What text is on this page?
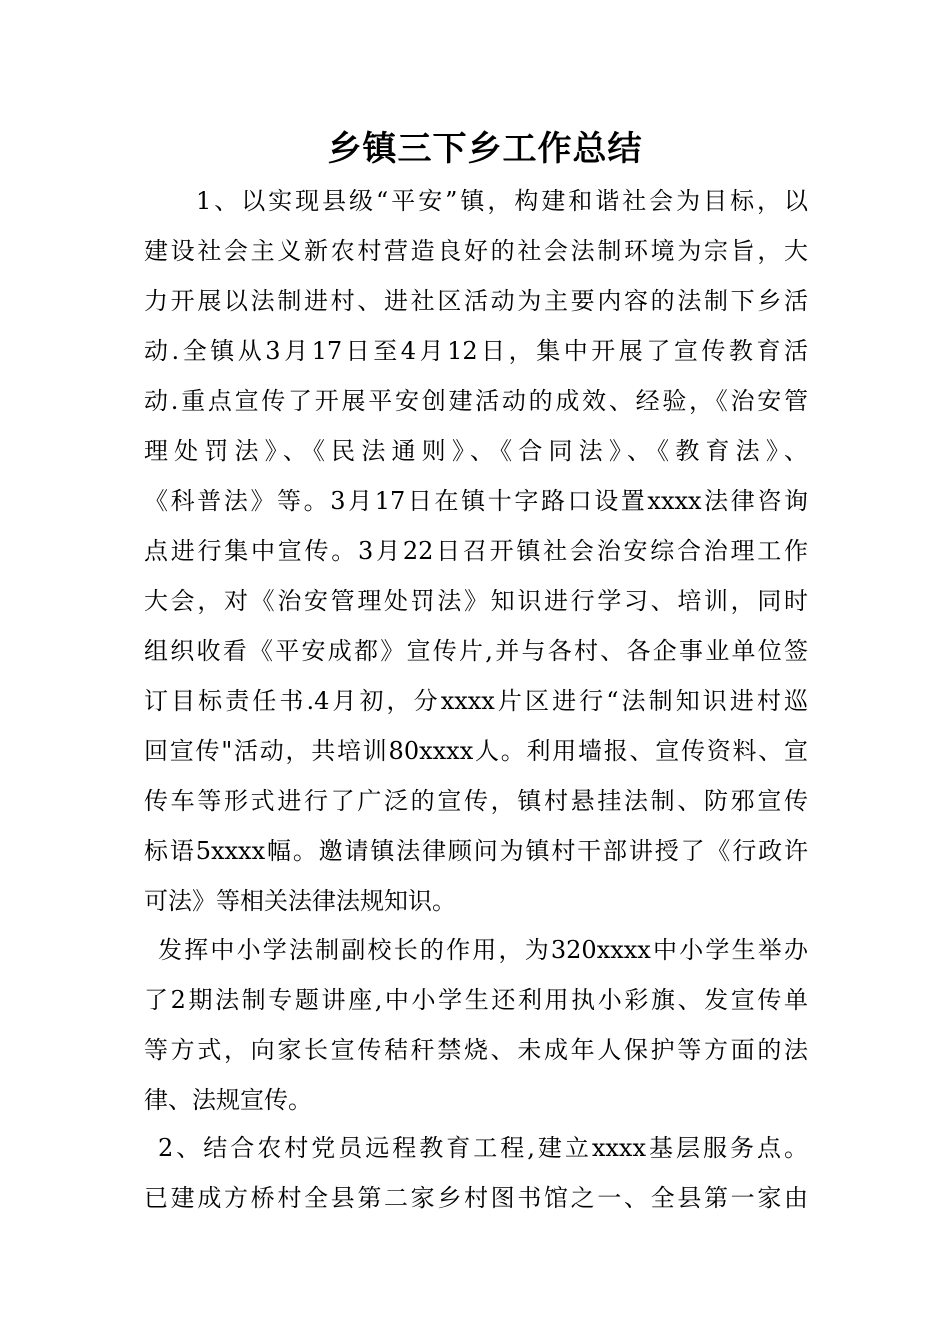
乡镇三下乡工作总结
1、以实现县级“平安”镇，构建和谐社会为目标，以
建设社会主义新农村营造良好的社会法制环境为宗旨，大
力开展以法制进村、进社区活动为主要内容的法制下乡活
动.全镇从3月17日至4月12日，集中开展了宣传教育活
动.重点宣传了开展平安创建活动的成效、经验，《治安管
理处罚法》、《民法通则》、《合同法》、《教育法》、
《科普法》等。3月17日在镇十字路口设置xxxx法律咨询
点进行集中宣传。3月22日召开镇社会治安综合治理工作
大会，对《治安管理处罚法》知识进行学习、培训，同时
组织收看《平安成都》宣传片,并与各村、各企事业单位签
订目标责任书.4月初，分xxxx片区进行“法制知识进村巡
回宣传"活动，共培训80xxxx人。利用墙报、宣传资料、宣
传车等形式进行了广泛的宣传，镇村悬挂法制、防邪宣传
标语5xxxx幅。邀请镇法律顾问为镇村干部讲授了《行政许
可法》等相关法律法规知识。
发挥中小学法制副校长的作用，为320xxxx中小学生举办
了2期法制专题讲座,中小学生还利用执小彩旗、发宣传单
等方式，向家长宣传秸秆禁烧、未成年人保护等方面的法
律、法规宣传。
2、结合农村党员远程教育工程,建立xxxx基层服务点。
已建成方桥村全县第二家乡村图书馆之一、全县第一家由
